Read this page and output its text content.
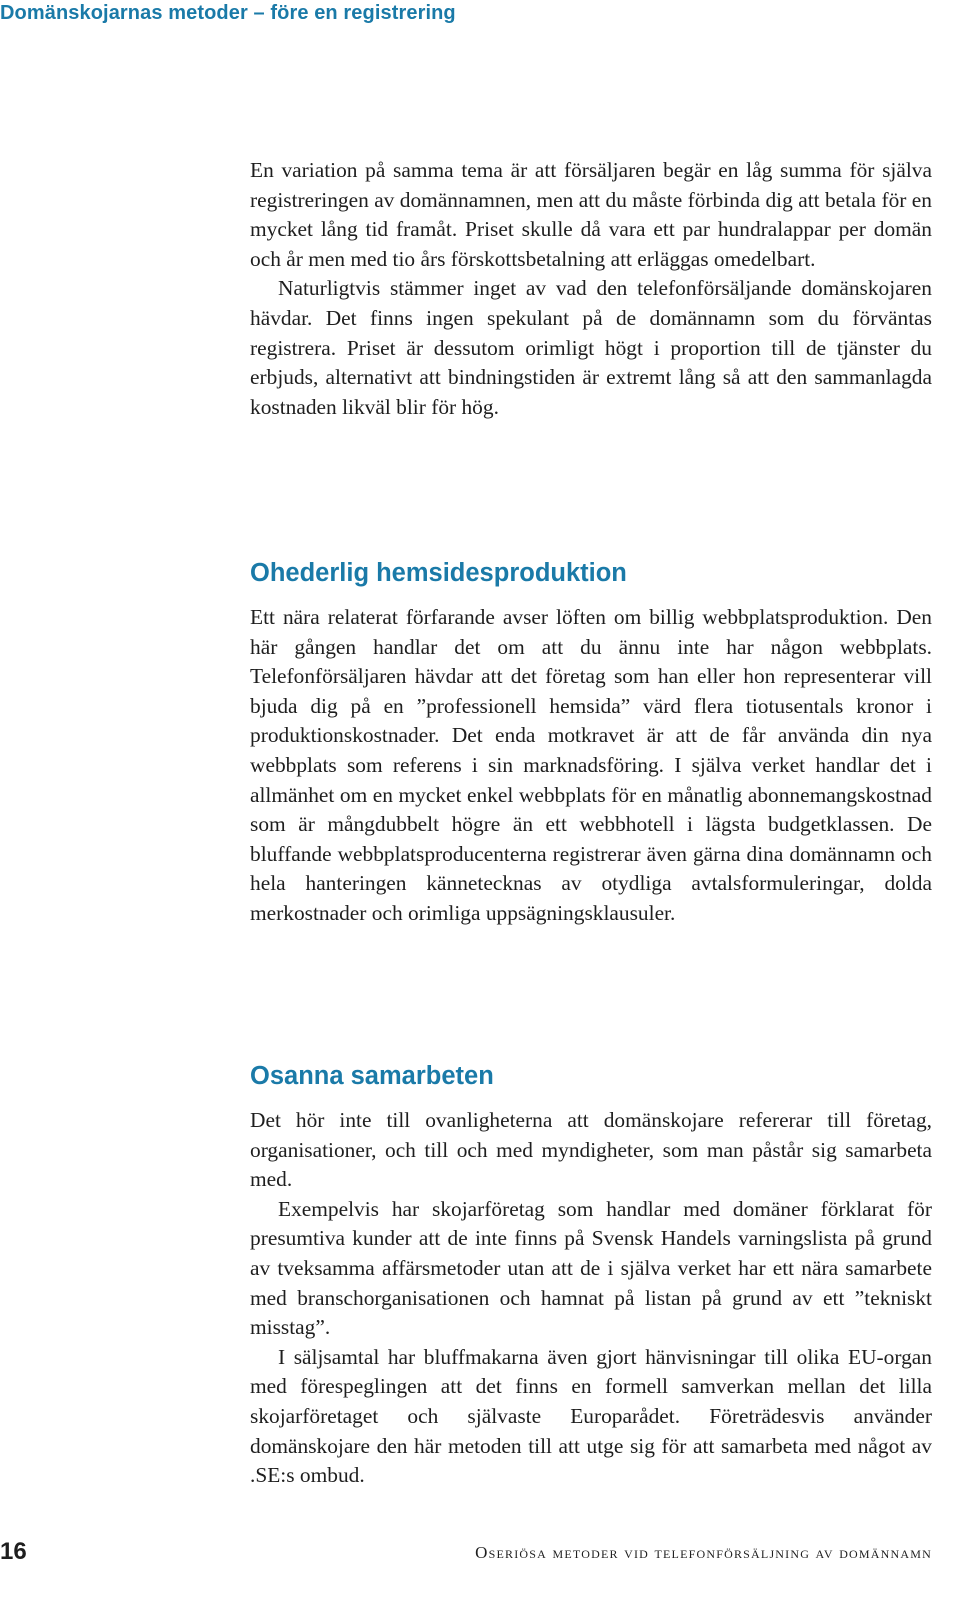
Domänskojarnas metoder – före en registrering

En variation på samma tema är att försäljaren begär en låg summa för själva registreringen av domännamnen, men att du måste förbinda dig att betala för en mycket lång tid framåt. Priset skulle då vara ett par hundralappar per domän och år men med tio års förskottsbetalning att erläggas omedelbart.

Naturligtvis stämmer inget av vad den telefonförsäljande domänskojaren hävdar. Det finns ingen spekulant på de domännamn som du förväntas registrera. Priset är dessutom orimligt högt i proportion till de tjänster du erbjuds, alternativt att bindningstiden är extremt lång så att den sammanlagda kostnaden likväl blir för hög.

Ohederlig hemsidesproduktion

Ett nära relaterat förfarande avser löften om billig webbplatsproduktion. Den här gången handlar det om att du ännu inte har någon webbplats. Telefonförsäljaren hävdar att det företag som han eller hon representerar vill bjuda dig på en ”professionell hemsida” värd flera tiotusentals kronor i produktionskostnader. Det enda motkravet är att de får använda din nya webbplats som referens i sin marknadsföring. I själva verket handlar det i allmänhet om en mycket enkel webbplats för en månatlig abonnemangskostnad som är mångdubbelt högre än ett webbhotell i lägsta budgetklassen. De bluffande webbplatsproducenterna registrerar även gärna dina domännamn och hela hanteringen kännetecknas av otydliga avtalsformuleringar, dolda merkostnader och orimliga uppsägningsklausuler.

Osanna samarbeten

Det hör inte till ovanligheterna att domänskojare refererar till företag, organisationer, och till och med myndigheter, som man påstår sig samarbeta med.

Exempelvis har skojarföretag som handlar med domäner förklarat för presumtiva kunder att de inte finns på Svensk Handels varningslista på grund av tveksamma affärsmetoder utan att de i själva verket har ett nära samarbete med branschorganisationen och hamnat på listan på grund av ett ”tekniskt misstag”.

I säljsamtal har bluffmakarna även gjort hänvisningar till olika EU-organ med förespeglingen att det finns en formell samverkan mellan det lilla skojarföretaget och självaste Europarådet. Företrädesvis använder domänskojare den här metoden till att utge sig för att samarbeta med något av .SE:s ombud.

16	Oseriösa metoder vid telefonförsäljning av domännamn
